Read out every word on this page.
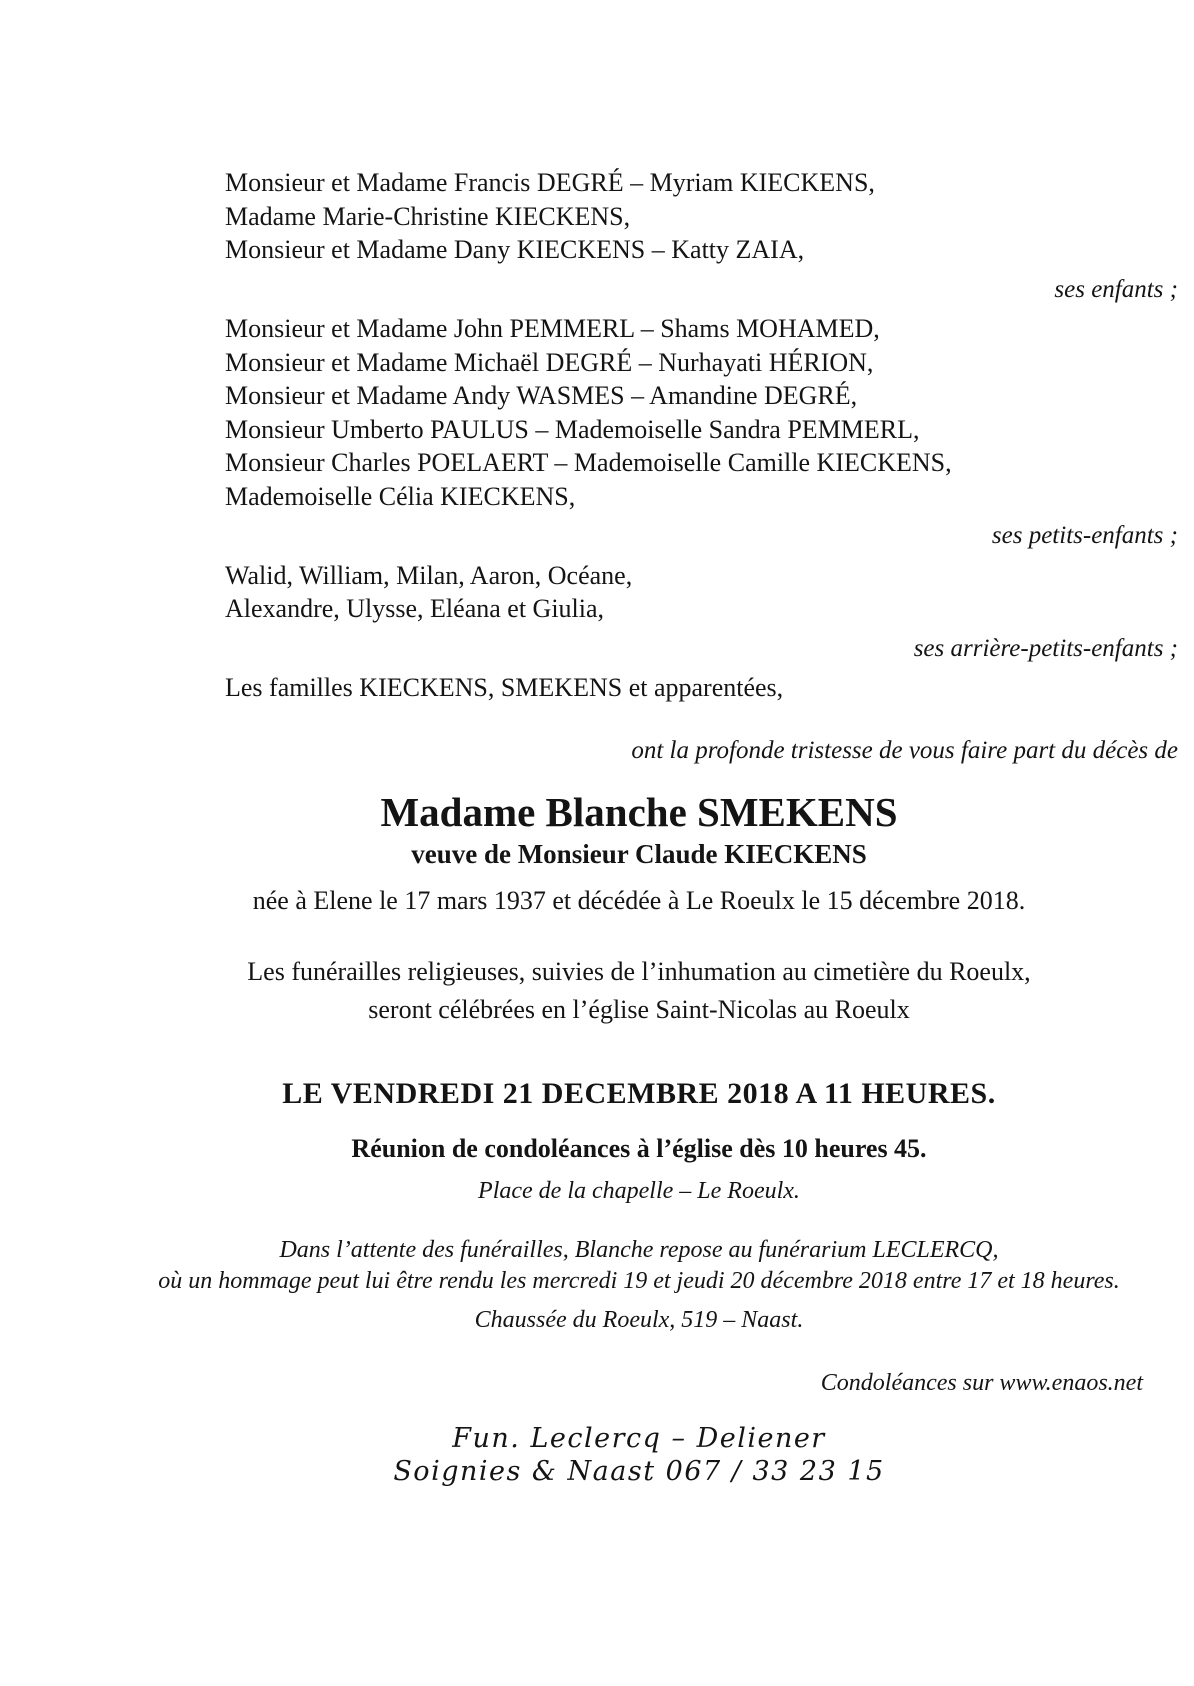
Monsieur et Madame Francis DEGRÉ – Myriam KIECKENS,
Madame Marie-Christine KIECKENS,
Monsieur et Madame Dany KIECKENS – Katty ZAIA,
ses enfants ;
Monsieur et Madame John PEMMERL – Shams MOHAMED,
Monsieur et Madame Michaël DEGRÉ – Nurhayati HÉRION,
Monsieur et Madame Andy WASMES – Amandine DEGRÉ,
Monsieur Umberto PAULUS – Mademoiselle Sandra PEMMERL,
Monsieur Charles POELAERT – Mademoiselle Camille KIECKENS,
Mademoiselle Célia KIECKENS,
ses petits-enfants ;
Walid, William, Milan, Aaron, Océane,
Alexandre, Ulysse, Eléana et Giulia,
ses arrière-petits-enfants ;
Les familles KIECKENS, SMEKENS et apparentées,
ont la profonde tristesse de vous faire part du décès de
Madame Blanche SMEKENS
veuve de Monsieur Claude KIECKENS
née à Elene le 17 mars 1937 et décédée à Le Roeulx le 15 décembre 2018.
Les funérailles religieuses, suivies de l’inhumation au cimetière du Roeulx,
seront célébrées en l’église Saint-Nicolas au Roeulx
LE VENDREDI 21 DECEMBRE 2018 A 11 HEURES.
Réunion de condoléances à l’église dès 10 heures 45.
Place de la chapelle – Le Roeulx.
Dans l’attente des funérailles, Blanche repose au funérarium LECLERCQ,
où un hommage peut lui être rendu les mercredi 19 et jeudi 20 décembre 2018 entre 17 et 18 heures.
Chaussée du Roeulx, 519 – Naast.
Condoléances sur www.enaos.net
Fun. Leclercq – Deliener
Soignies & Naast 067 / 33 23 15
